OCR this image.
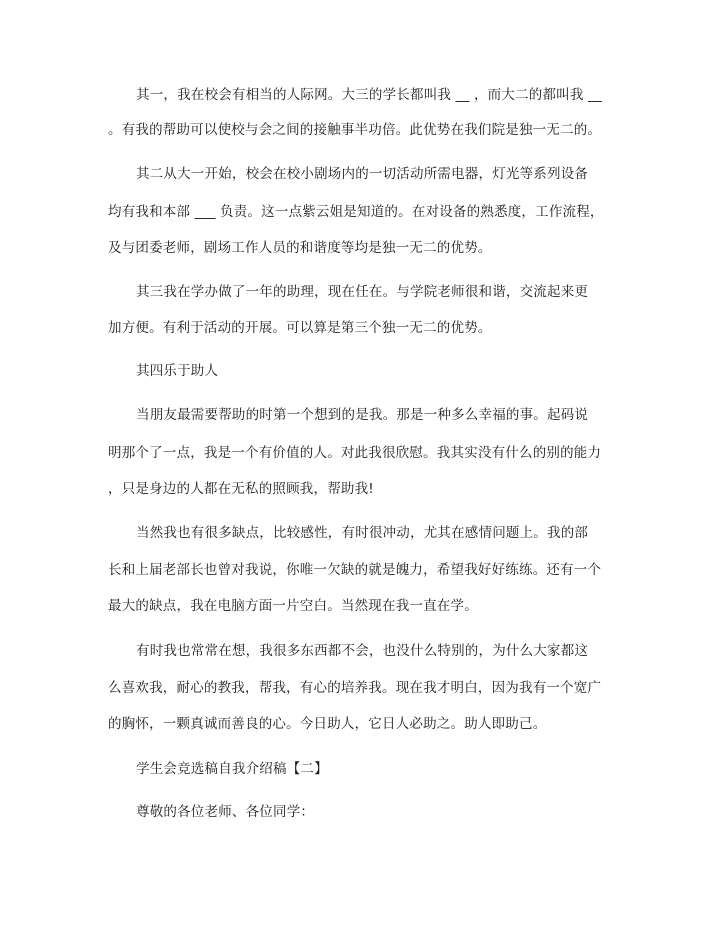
其一，我在校会有相当的人际网。大三的学长都叫我 __ ，而大二的都叫我 __
。有我的帮助可以使校与会之间的接触事半功倍。此优势在我们院是独一无二的。
其二从大一开始，校会在校小剧场内的一切活动所需电器，灯光等系列设备
均有我和本部 ___ 负责。这一点紫云姐是知道的。在对设备的熟悉度，工作流程，
及与团委老师，剧场工作人员的和谐度等均是独一无二的优势。
其三我在学办做了一年的助理，现在任在。与学院老师很和谐，交流起来更
加方便。有利于活动的开展。可以算是第三个独一无二的优势。
其四乐于助人
当朋友最需要帮助的时第一个想到的是我。那是一种多么幸福的事。起码说
明那个了一点，我是一个有价值的人。对此我很欣慰。我其实没有什么的别的能力
，只是身边的人都在无私的照顾我，帮助我!
当然我也有很多缺点，比较感性，有时很冲动，尤其在感情问题上。我的部
长和上届老部长也曾对我说，你唯一欠缺的就是魄力，希望我好好练练。还有一个
最大的缺点，我在电脑方面一片空白。当然现在我一直在学。
有时我也常常在想，我很多东西都不会，也没什么特别的，为什么大家都这
么喜欢我，耐心的教我，帮我，有心的培养我。现在我才明白，因为我有一个宽广
的胸怀，一颗真诚而善良的心。今日助人，它日人必助之。助人即助己。
学生会竞选稿自我介绍稿【二】
尊敬的各位老师、各位同学：
